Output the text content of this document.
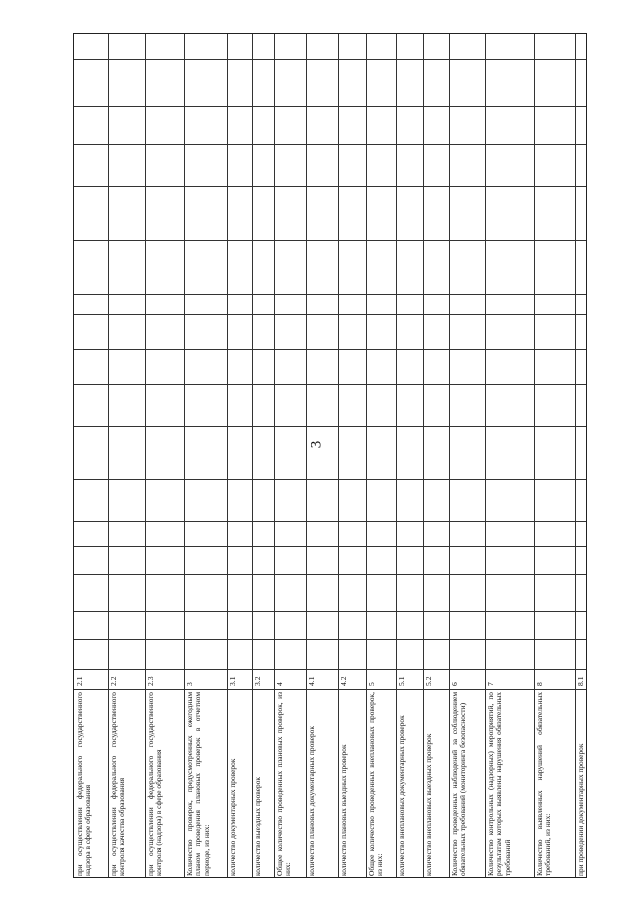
3
при осуществлении федерального государственного надзора в сфере образования
2.1
при осуществлении федерального государственного контроля качества образования
2.2
при осуществлении федерального государственного контроля (надзора) в сфере образования
2.3
Количество проверок, предусмотренных ежегодным планом проведения плановых проверок в отчетном периоде, из них:
3
количество документарных проверок
3.1
количество выездных проверок
3.2
Общее количество проведенных плановых проверок, из них:
4
количество плановых документарных проверок
4.1
количество плановых выездных проверок
4.2
Общее количество проведенных внеплановых проверок, из них:
5
количество внеплановых документарных проверок
5.1
количество внеплановых выездных проверок
5.2
Количество проведенных наблюдений за соблюдением обязательных требований (мониторинга безопасности)
6
Количество контрольных (надзорных) мероприятий, по результатам которых выявлены нарушения обязательных требований
7
Количество выявленных нарушений обязательных требований, из них:
8
при проведении документарных проверок
8.1
